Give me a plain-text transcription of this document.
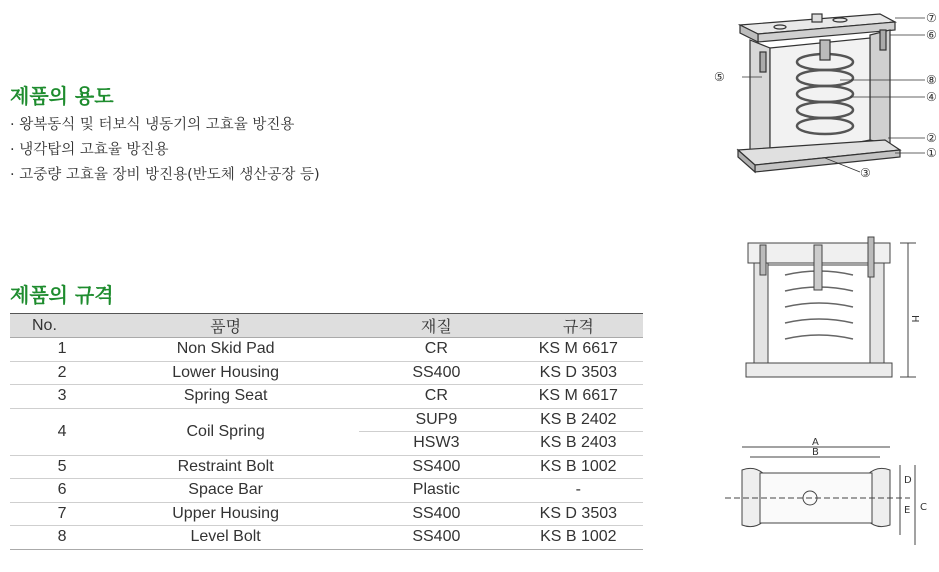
제품의 용도
· 왕복동식 및 터보식 냉동기의 고효율 방진용
· 냉각탑의 고효율 방진용
· 고중량 고효율 장비 방진용(반도체 생산공장 등)
제품의 규격
No.	품명	재질	규격
1	Non Skid Pad	CR	KS M 6617
2	Lower Housing	SS400	KS D 3503
3	Spring Seat	CR	KS M 6617
4	Coil Spring	SUP9	KS B 2402
		HSW3	KS B 2403
5	Restraint Bolt	SS400	KS B 1002
6	Space Bar	Plastic	-
7	Upper Housing	SS400	KS D 3503
8	Level Bolt	SS400	KS B 1002
⑦
⑥
⑤	⑧
④
②
①
③
H
A
B
C
D
E
